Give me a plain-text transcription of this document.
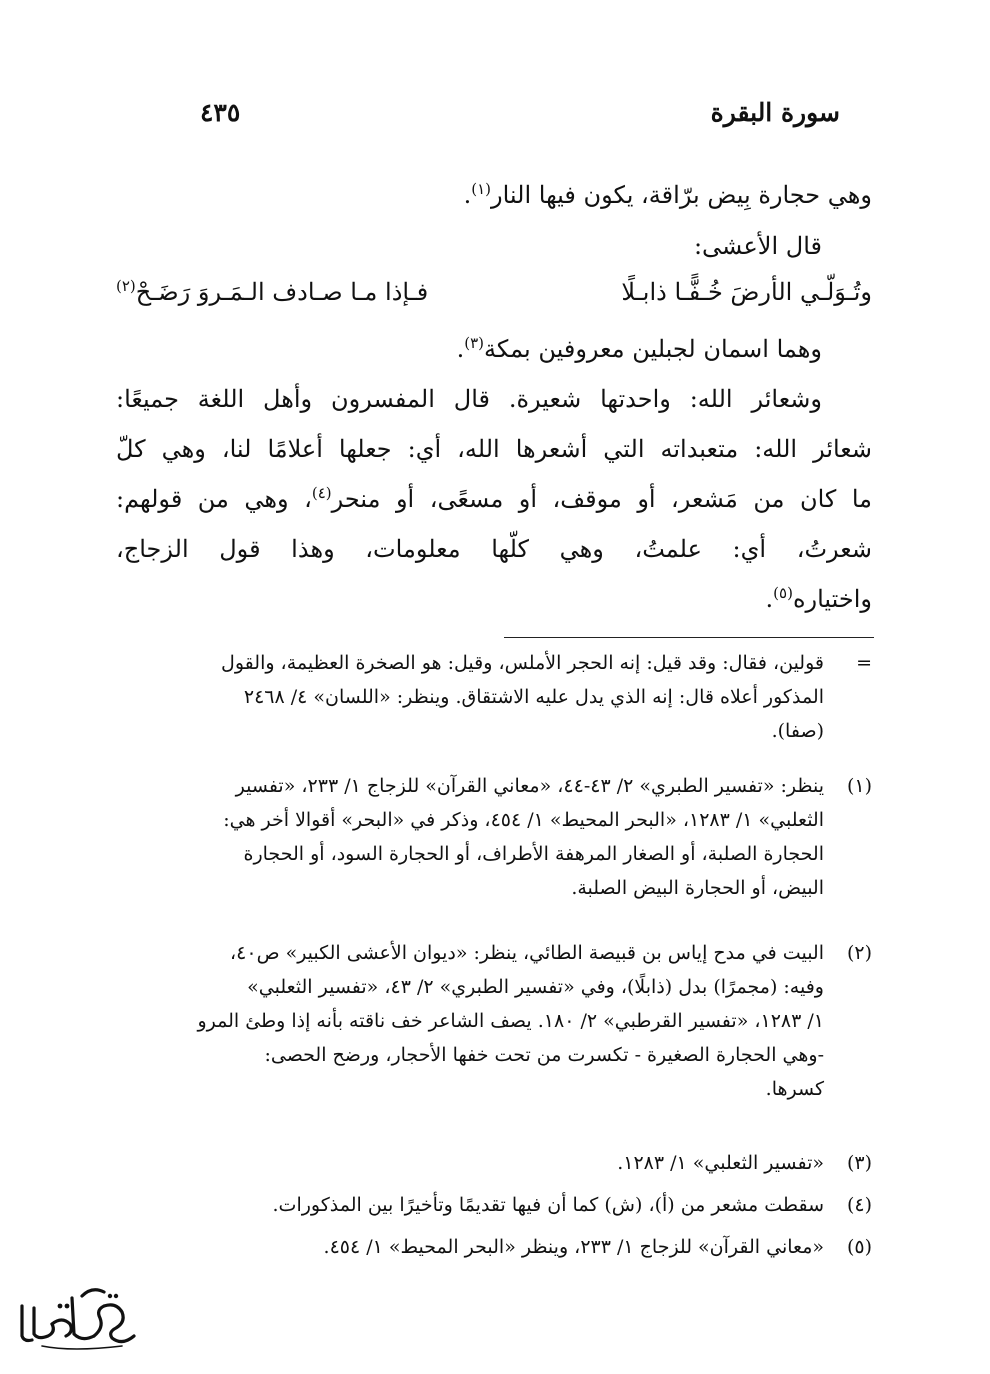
سورة البقرة
٤٣٥
وهي حجارة بِيض برّاقة، يكون فيها النار$^{(١)}$.
قال الأعشى:
وتُـوَلّـي الأرضَ خُـفًّـا ذابـلًا
فـإذا مـا صـادف الـمَـروَ رَضَـحْ$^{(٢)}$
وهما اسمان لجبلين معروفين بمكة$^{(٣)}$.
وشعائر الله: واحدتها شعيرة. قال المفسرون وأهل اللغة جميعًا:
شعائر الله: متعبداته التي أشعرها الله، أي: جعلها أعلامًا لنا، وهي كلّ
ما كان من مَشعر، أو موقف، أو مسعًى، أو منحر$^{(٤)}$، وهي من قولهم:
شعرتُ، أي: علمتُ، وهي كلّها معلومات، وهذا قول الزجاج،
واختياره$^{(٥)}$.
=
قولين، فقال: وقد قيل: إنه الحجر الأملس، وقيل: هو الصخرة العظيمة، والقول
المذكور أعلاه قال: إنه الذي يدل عليه الاشتقاق. وينظر: «اللسان» ٤/ ٢٤٦٨
(صفا).
(١)
ينظر: «تفسير الطبري» ٢/ ٤٣-٤٤، «معاني القرآن» للزجاج ١/ ٢٣٣، «تفسير
الثعلبي» ١/ ١٢٨٣، «البحر المحيط» ١/ ٤٥٤، وذكر في «البحر» أقوالا أخر هي:
الحجارة الصلبة، أو الصغار المرهفة الأطراف، أو الحجارة السود، أو الحجارة
البيض، أو الحجارة البيض الصلبة.
(٢)
البيت في مدح إياس بن قبيصة الطائي، ينظر: «ديوان الأعشى الكبير» ص٤٠،
وفيه: (مجمرًا) بدل (ذابلًا)، وفي «تفسير الطبري» ٢/ ٤٣، «تفسير الثعلبي»
١/ ١٢٨٣، «تفسير القرطبي» ٢/ ١٨٠. يصف الشاعر خف ناقته بأنه إذا وطئ المرو
-وهي الحجارة الصغيرة - تكسرت من تحت خفها الأحجار، ورضح الحصى:
كسرها.
(٣)
«تفسير الثعلبي» ١/ ١٢٨٣.
(٤)
سقطت مشعر من (أ)، (ش) كما أن فيها تقديمًا وتأخيرًا بين المذكورات.
(٥)
«معاني القرآن» للزجاج ١/ ٢٣٣، وينظر «البحر المحيط» ١/ ٤٥٤.
